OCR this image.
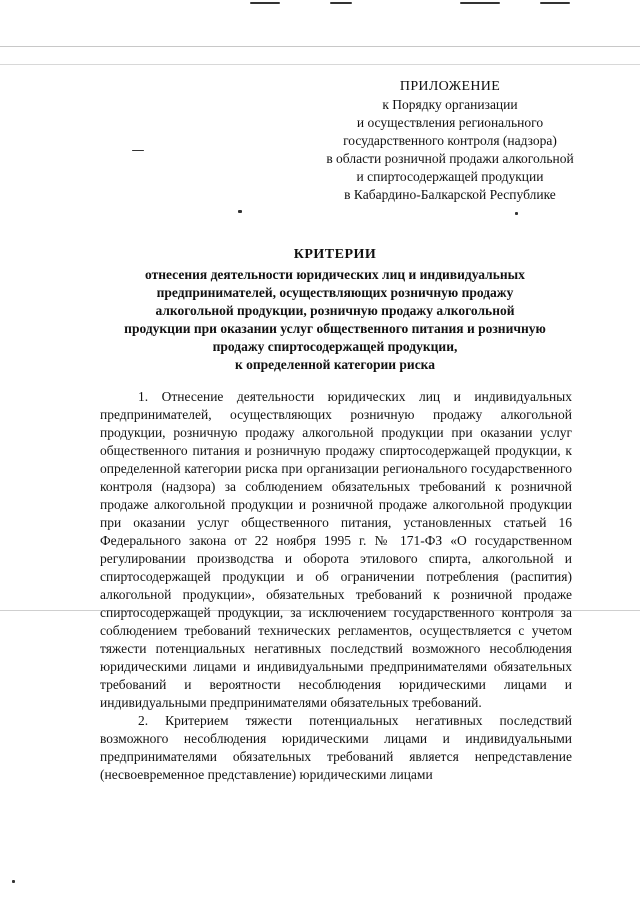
ПРИЛОЖЕНИЕ
к Порядку организации
и осуществления регионального
государственного контроля (надзора)
в области розничной продажи алкогольной
и спиртосодержащей продукции
в Кабардино-Балкарской Республике
КРИТЕРИИ
отнесения деятельности юридических лиц и индивидуальных
предпринимателей, осуществляющих розничную продажу
алкогольной продукции, розничную продажу алкогольной
продукции при оказании услуг общественного питания и розничную
продажу спиртосодержащей продукции,
к определенной категории риска

1. Отнесение деятельности юридических лиц и индивидуальных предпринимателей, осуществляющих розничную продажу алкогольной продукции, розничную продажу алкогольной продукции при оказании услуг общественного питания и розничную продажу спиртосодержащей продукции, к определенной категории риска при организации регионального государственного контроля (надзора) за соблюдением обязательных требований к розничной продаже алкогольной продукции и розничной продаже алкогольной продукции при оказании услуг общественного питания, установленных статьей 16 Федерального закона от 22 ноября 1995 г. № 171-ФЗ «О государственном регулировании производства и оборота этилового спирта, алкогольной и спиртосодержащей продукции и об ограничении потребления (распития) алкогольной продукции», обязательных требований к розничной продаже спиртосодержащей продукции, за исключением государственного контроля за соблюдением требований технических регламентов, осуществляется с учетом тяжести потенциальных негативных последствий возможного несоблюдения юридическими лицами и индивидуальными предпринимателями обязательных требований и вероятности несоблюдения юридическими лицами и индивидуальными предпринимателями обязательных требований.

2. Критерием тяжести потенциальных негативных последствий возможного несоблюдения юридическими лицами и индивидуальными предпринимателями обязательных требований является непредставление (несвоевременное представление) юридическими лицами
